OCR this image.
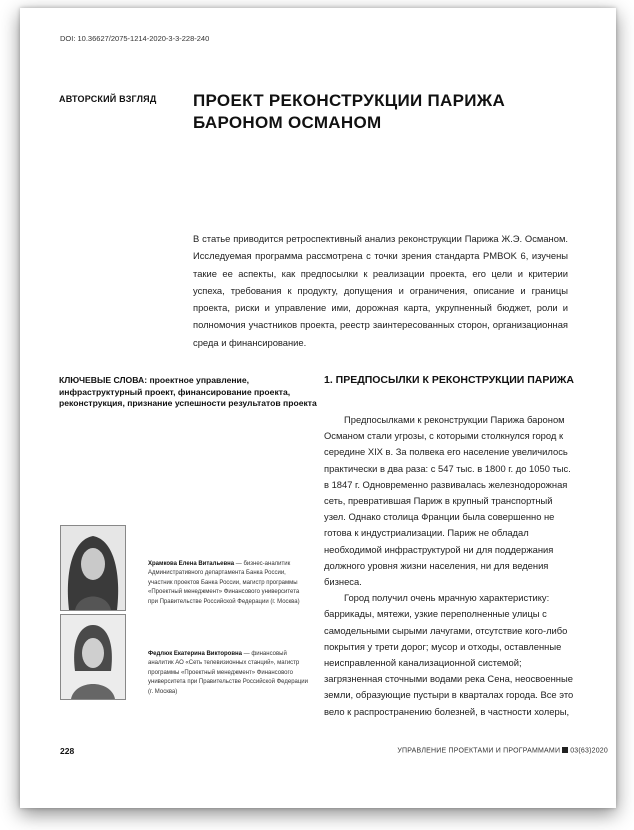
DOI: 10.36627/2075-1214-2020-3-3-228-240
АВТОРСКИЙ ВЗГЛЯД ПРОЕКТ РЕКОНСТРУКЦИИ ПАРИЖА
БАРОНОМ ОСМАНОМ
В статье приводится ретроспективный анализ реконструкции Парижа Ж.Э. Османом. Исследуемая программа рассмотрена с точки зрения стандарта PMBOK 6, изучены такие ее аспекты, как предпосылки к реализации проекта, его цели и критерии успеха, требования к продукту, допущения и ограничения, описание и границы проекта, риски и управление ими, дорожная карта, укрупненный бюджет, роли и полномочия участников проекта, реестр заинтересованных сторон, организационная среда и финансирование.
КЛЮЧЕВЫЕ СЛОВА: проектное управление, инфраструктурный проект, финансирование проекта, реконструкция, признание успешности результатов проекта
1. ПРЕДПОСЫЛКИ К РЕКОНСТРУКЦИИ ПАРИЖА

Предпосылками к реконструкции Парижа бароном Османом стали угрозы, с которыми столкнулся город к середине XIX в. За полвека его население увеличилось практически в два раза: с 547 тыс. в 1800 г. до 1050 тыс. в 1847 г. Одновременно развивалась железнодорожная сеть, превратившая Париж в крупный транспортный узел. Однако столица Франции была совершенно не готова к индустриализации. Париж не обладал необходимой инфраструктурой ни для поддержания должного уровня жизни населения, ни для ведения бизнеса.

Город получил очень мрачную характеристику: баррикады, мятежи, узкие переполненные улицы с самодельными сырыми лачугами, отсутствие кого-либо покрытия у трети дорог; мусор и отходы, оставленные неисправленной канализационной системой; загрязненная сточными водами река Сена, неосвоенные земли, образующие пустыри в кварталах города. Все это вело к распространению болезней, в частности холеры,

Храмкова Елена Витальевна — бизнес-аналитик Административного департамента Банка России, участник проектов Банка России, магистр программы «Проектный менеджмент» Финансового университета при Правительстве Российской Федерации (г. Москва)
Федлюк Екатерина Викторовна — финансовый аналитик АО «Сеть телевизионных станций», магистр программы «Проектный менеджмент» Финансового университета при Правительстве Российской Федерации (г. Москва)
228	УПРАВЛЕНИЕ ПРОЕКТАМИ И ПРОГРАММАМИ 03(63)2020
